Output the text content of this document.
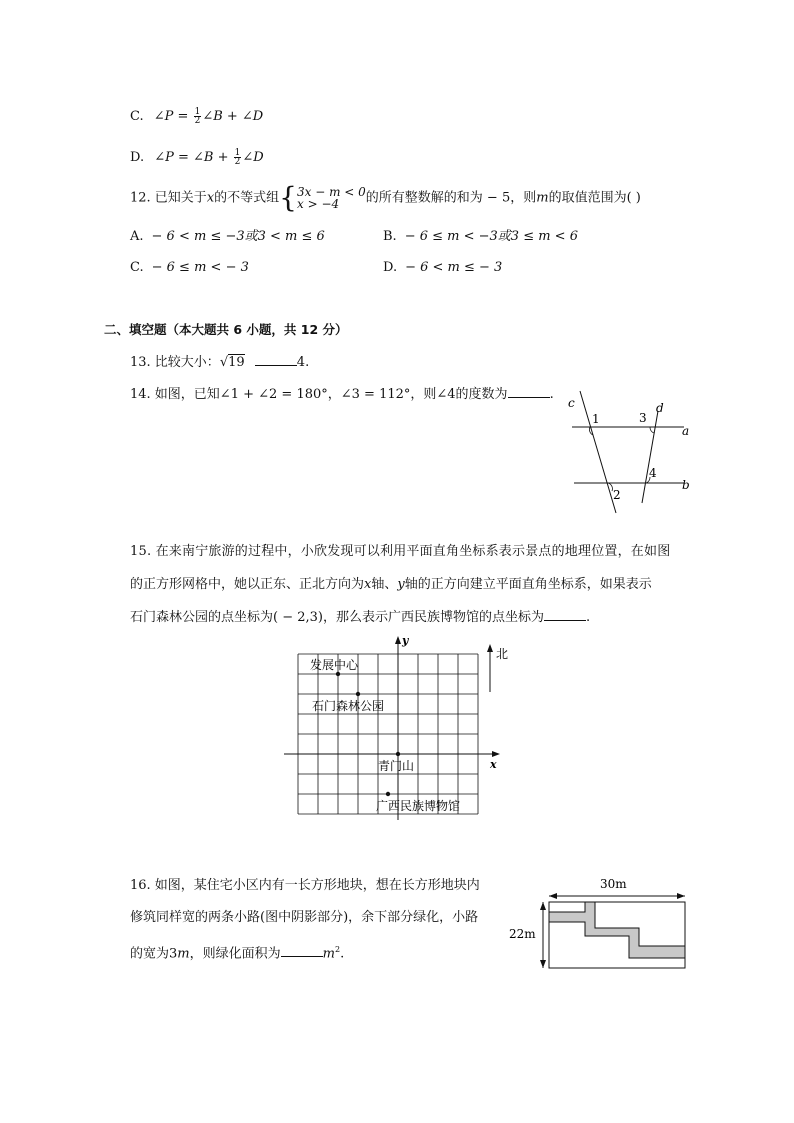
C. ∠P = $\frac{1}{2}$ ∠B + ∠D
D. ∠P = ∠B + $\frac{1}{2}$ ∠D
12. 已知关于x的不等式组{ 3x − m < 0
x > −4	的所有整数解的和为 − 5，则m的取值范围为( )
A. − 6 < m ≤ −3或3 < m ≤ 6	B. − 6 ≤ m < −3或3 ≤ m < 6
C. − 6 ≤ m < − 3	D. − 6 < m ≤ − 3
二、填空题（本大题共 6 小题，共 12 分）
13. 比较大小：√19	4.
14. 如图，已知∠1 + ∠2 = 180°，∠3 = 112°，则∠4的度数为	.
c	d
a
b
1
2
3
4
15. 在来南宁旅游的过程中，小欣发现可以利用平面直角坐标系表示景点的地理位置，在如图
的正方形网格中，她以正东、正北方向为x轴、y轴的正方向建立平面直角坐标系，如果表示
石门森林公园的点坐标为( − 2,3)，那么表示广西民族博物馆的点坐标为	.
y
x
北
发展中心
石门森林公园
青门山
广西民族博物馆
16. 如图，某住宅小区内有一长方形地块，想在长方形地块内
修筑同样宽的两条小路(图中阴影部分)，余下部分绿化，小路
的宽为3m，则绿化面积为	$m^2$.
30m
22m
